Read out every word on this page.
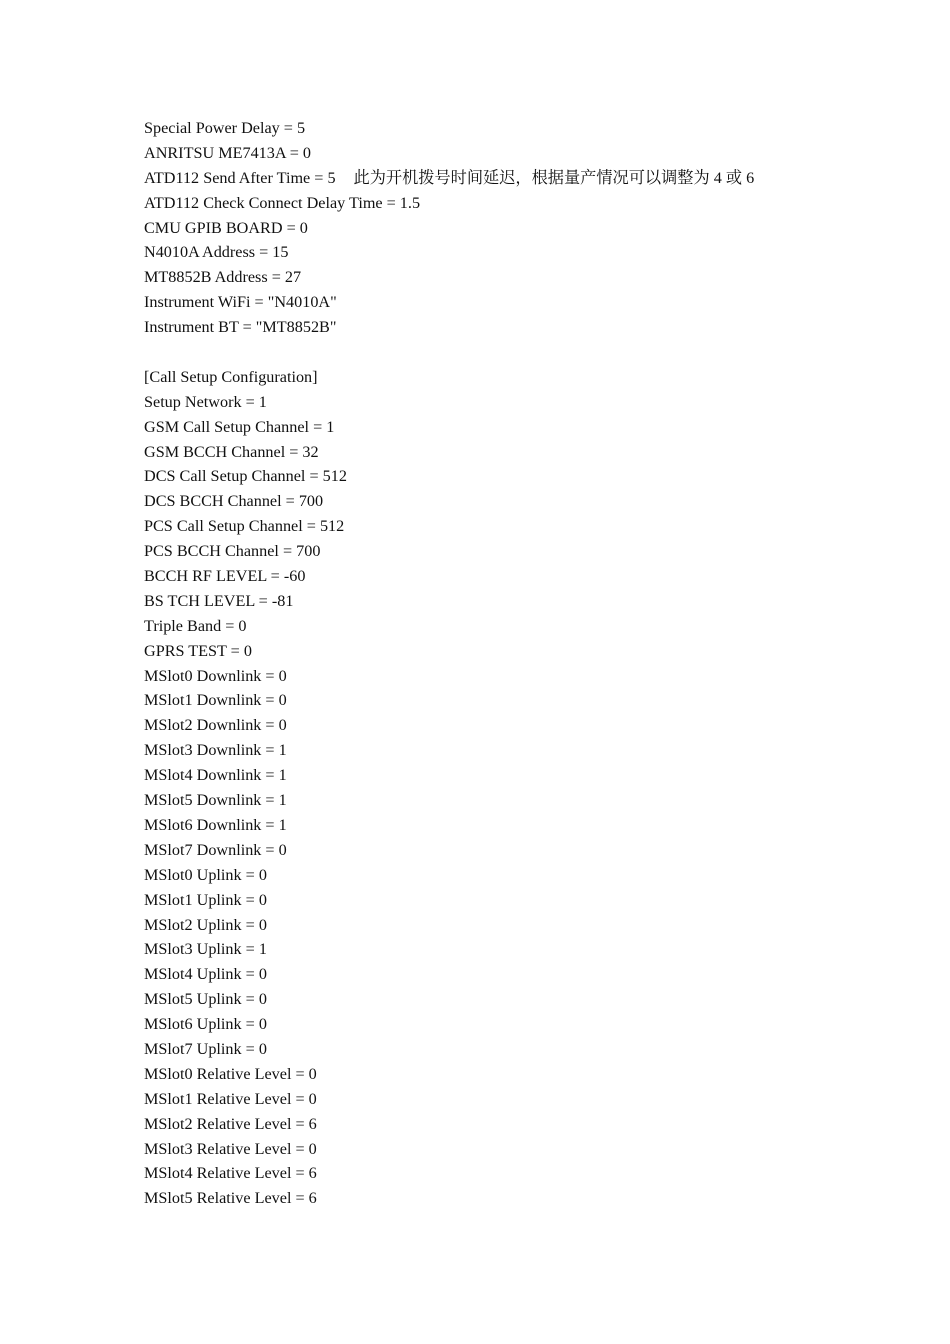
Special Power Delay = 5
ANRITSU ME7413A = 0
ATD112 Send After Time = 5 此为开机拨号时间延迟，根据量产情况可以调整为 4 或 6
ATD112 Check Connect Delay Time = 1.5
CMU GPIB BOARD = 0
N4010A Address = 15
MT8852B Address = 27
Instrument WiFi = "N4010A"
Instrument BT = "MT8852B"
[Call Setup Configuration]
Setup Network = 1
GSM Call Setup Channel = 1
GSM BCCH Channel = 32
DCS Call Setup Channel = 512
DCS BCCH Channel = 700
PCS Call Setup Channel = 512
PCS BCCH Channel = 700
BCCH RF LEVEL = -60
BS TCH LEVEL = -81
Triple Band = 0
GPRS TEST = 0
MSlot0 Downlink = 0
MSlot1 Downlink = 0
MSlot2 Downlink = 0
MSlot3 Downlink = 1
MSlot4 Downlink = 1
MSlot5 Downlink = 1
MSlot6 Downlink = 1
MSlot7 Downlink = 0
MSlot0 Uplink = 0
MSlot1 Uplink = 0
MSlot2 Uplink = 0
MSlot3 Uplink = 1
MSlot4 Uplink = 0
MSlot5 Uplink = 0
MSlot6 Uplink = 0
MSlot7 Uplink = 0
MSlot0 Relative Level = 0
MSlot1 Relative Level = 0
MSlot2 Relative Level = 6
MSlot3 Relative Level = 0
MSlot4 Relative Level = 6
MSlot5 Relative Level = 6
